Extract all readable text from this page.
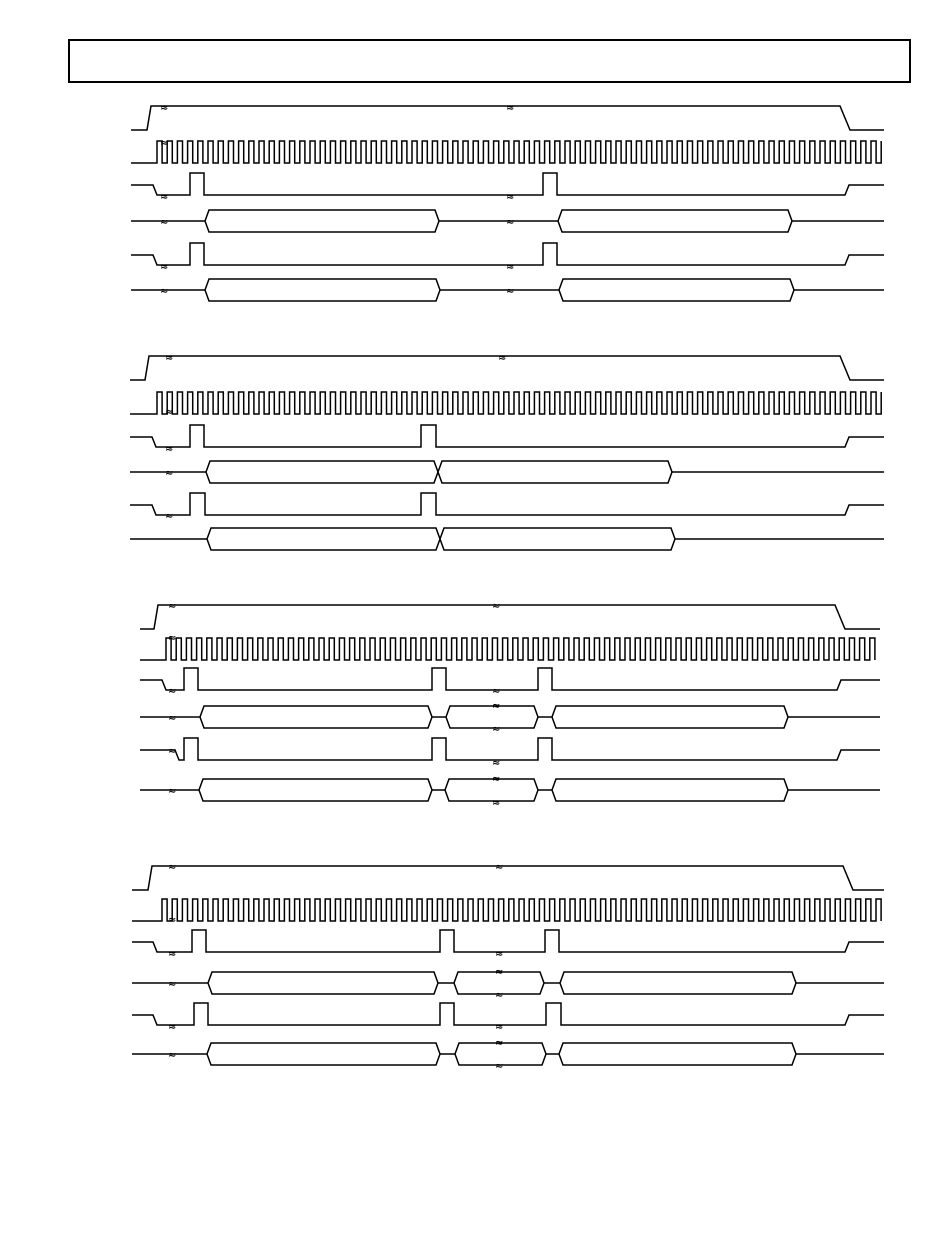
≈	≈
≈
≈	≈
≈	≈
≈	≈
≈	≈
≈	≈
≈
≈
≈
≈
≈	≈
≈
≈	≈
≈
≈
≈
≈
≈
≈
≈
≈
≈	≈
≈
≈	≈
≈
≈
≈
≈	≈
≈
≈
≈
